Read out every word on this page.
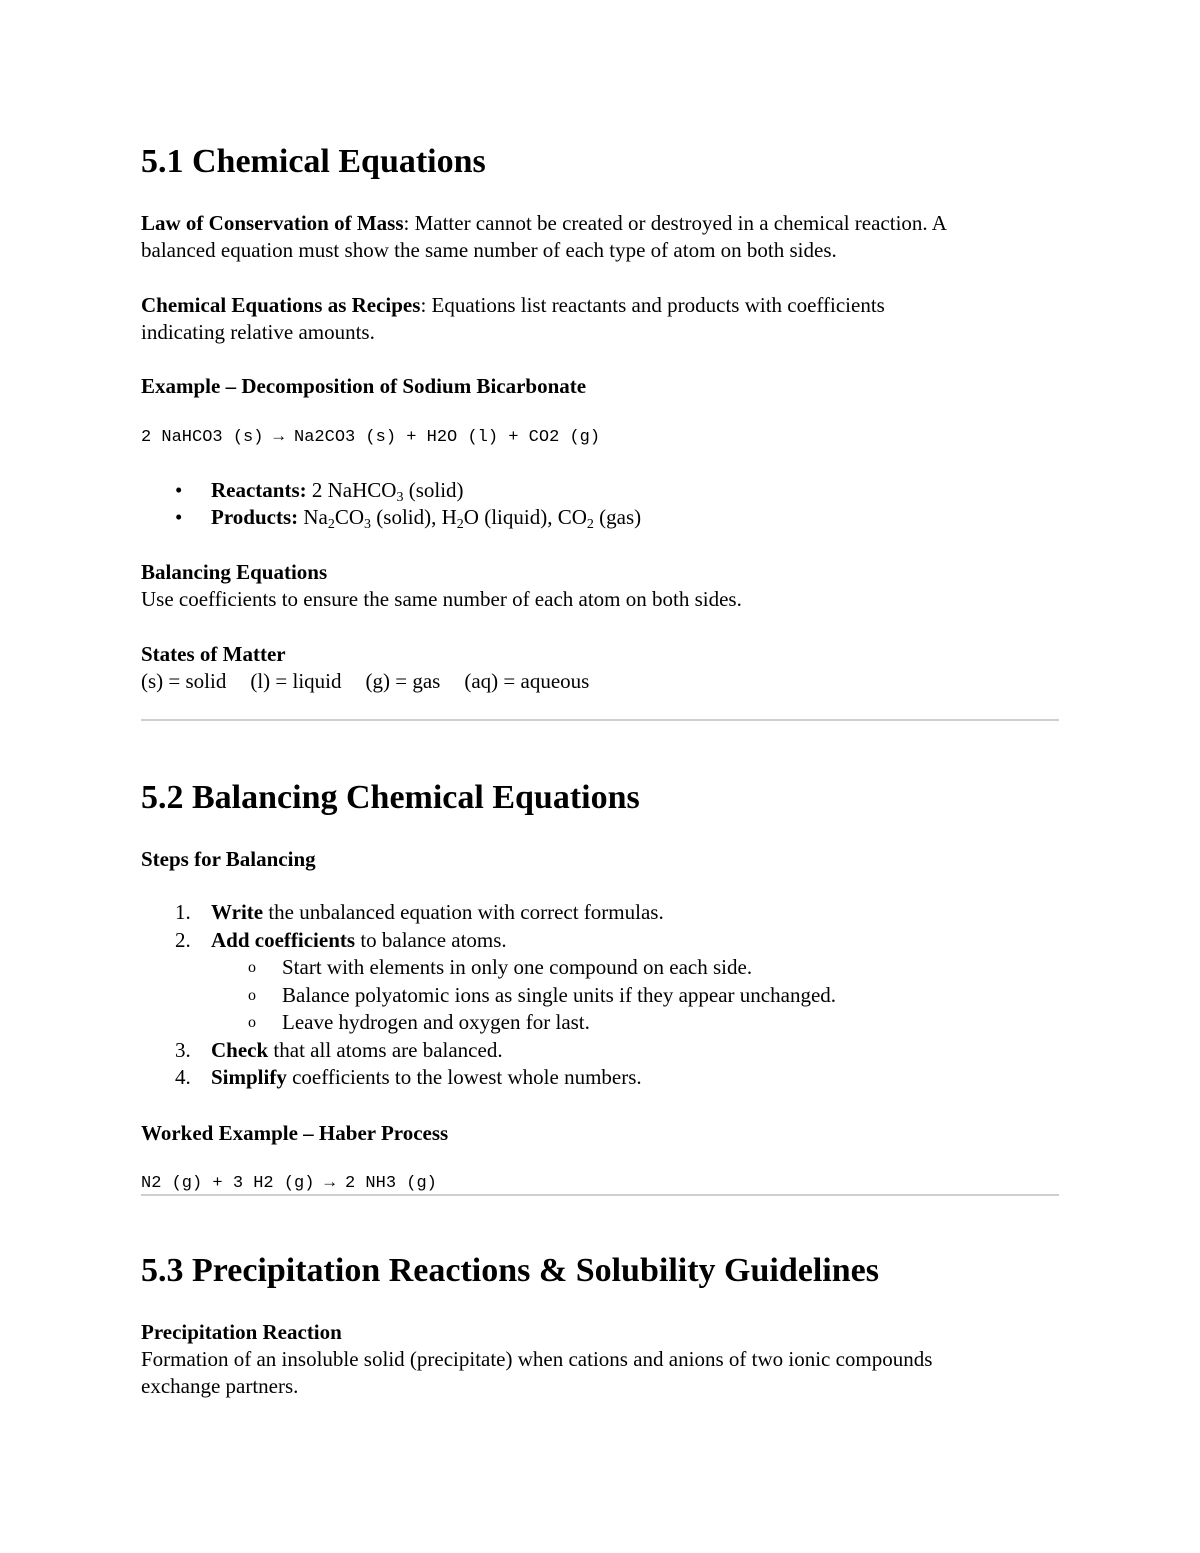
5.1 Chemical Equations

Law of Conservation of Mass: Matter cannot be created or destroyed in a chemical reaction. A
balanced equation must show the same number of each type of atom on both sides.

Chemical Equations as Recipes: Equations list reactants and products with coefficients
indicating relative amounts.

Example – Decomposition of Sodium Bicarbonate

2 NaHCO3 (s) → Na2CO3 (s) + H2O (l) + CO2 (g)
• Reactants: 2 NaHCO$_3$ (solid)
• Products: $Na_2CO_3$ (solid), $H_2O$ (liquid), $CO_2$ (gas)

Balancing Equations
Use coefficients to ensure the same number of each atom on both sides.

States of Matter
(s) = solid (l) = liquid (g) = gas (aq) = aqueous

5.2 Balancing Chemical Equations

Steps for Balancing

1. Write the unbalanced equation with correct formulas.
2. Add coefficients to balance atoms.
o Start with elements in only one compound on each side.
o Balance polyatomic ions as single units if they appear unchanged.
o Leave hydrogen and oxygen for last.
3. Check that all atoms are balanced.
4. Simplify coefficients to the lowest whole numbers.

Worked Example – Haber Process

N2 (g) + 3 H2 (g) → 2 NH3 (g)
5.3 Precipitation Reactions & Solubility Guidelines

Precipitation Reaction
Formation of an insoluble solid (precipitate) when cations and anions of two ionic compounds
exchange partners.
